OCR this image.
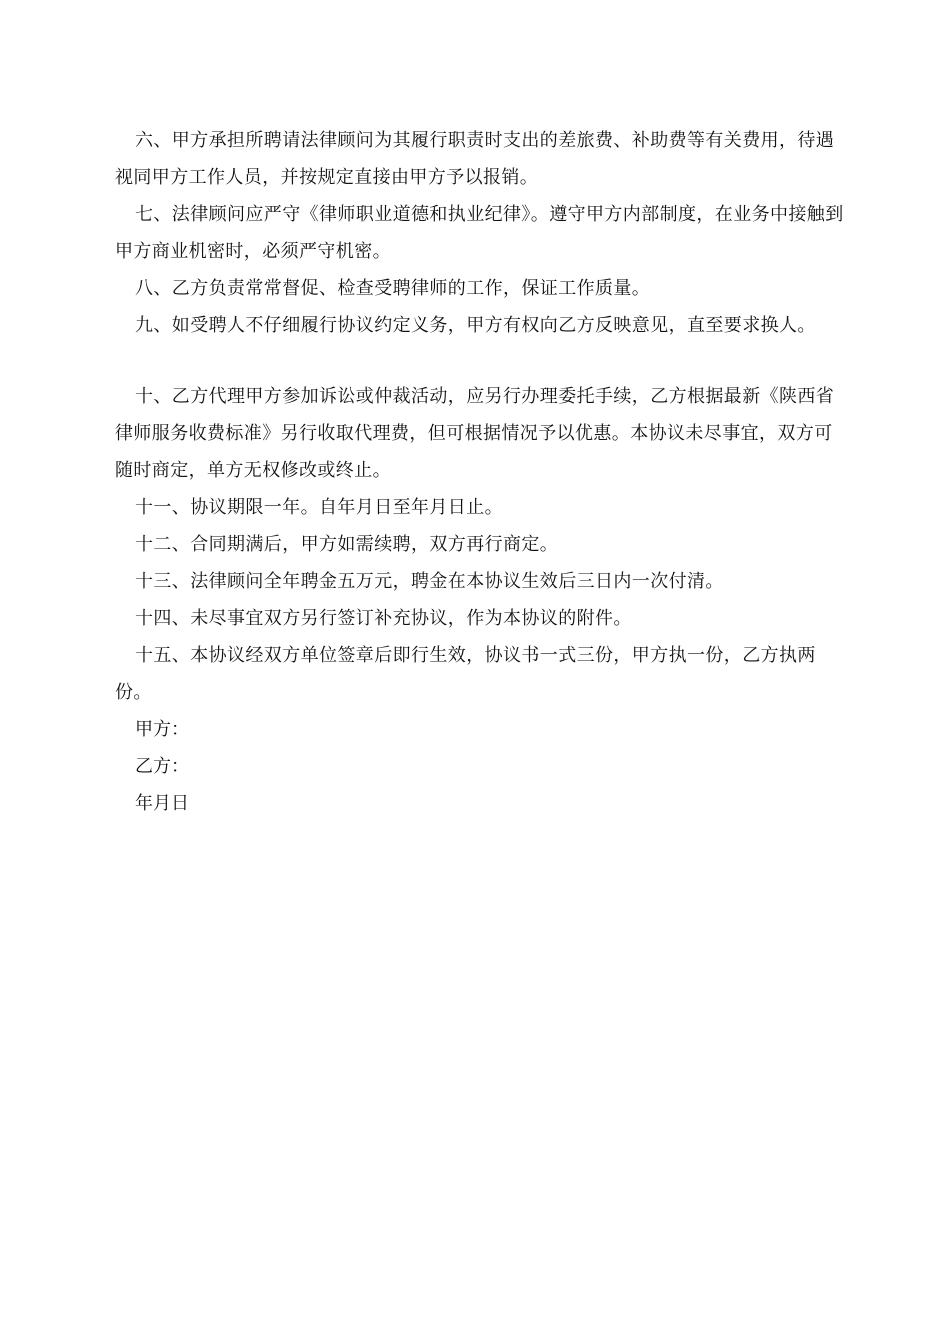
六、甲方承担所聘请法律顾问为其履行职责时支出的差旅费、补助费等有关费用，待遇视同甲方工作人员，并按规定直接由甲方予以报销。

七、法律顾问应严守《律师职业道德和执业纪律》。遵守甲方内部制度，在业务中接触到甲方商业机密时，必须严守机密。

八、乙方负责常常督促、检查受聘律师的工作，保证工作质量。

九、如受聘人不仔细履行协议约定义务，甲方有权向乙方反映意见，直至要求换人。

十、乙方代理甲方参加诉讼或仲裁活动，应另行办理委托手续，乙方根据最新《陕西省律师服务收费标准》另行收取代理费，但可根据情况予以优惠。本协议未尽事宜，双方可随时商定，单方无权修改或终止。

十一、协议期限一年。自年月日至年月日止。

十二、合同期满后，甲方如需续聘，双方再行商定。

十三、法律顾问全年聘金五万元，聘金在本协议生效后三日内一次付清。

十四、未尽事宜双方另行签订补充协议，作为本协议的附件。

十五、本协议经双方单位签章后即行生效，协议书一式三份，甲方执一份，乙方执两份。

甲方：

乙方：

年月日
